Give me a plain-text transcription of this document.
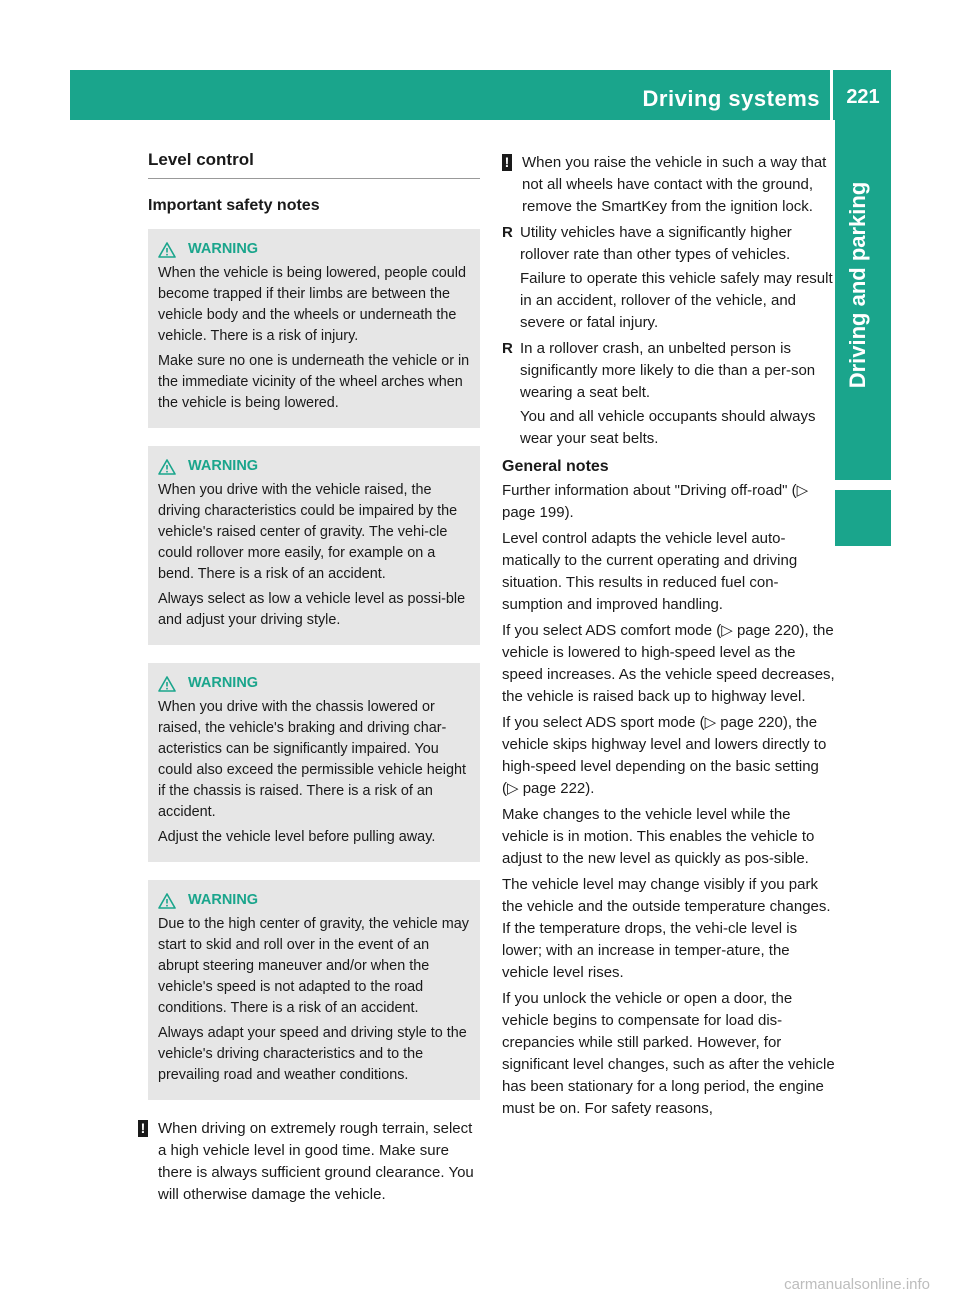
Driving systems	221
Driving and parking
Level control
Important safety notes
WARNING
When the vehicle is being lowered, people could become trapped if their limbs are between the vehicle body and the wheels or underneath the vehicle. There is a risk of injury.
Make sure no one is underneath the vehicle or in the immediate vicinity of the wheel arches when the vehicle is being lowered.
WARNING
When you drive with the vehicle raised, the driving characteristics could be impaired by the vehicle's raised center of gravity. The vehi-cle could rollover more easily, for example on a bend. There is a risk of an accident.
Always select as low a vehicle level as possi-ble and adjust your driving style.
WARNING
When you drive with the chassis lowered or raised, the vehicle's braking and driving char-acteristics can be significantly impaired. You could also exceed the permissible vehicle height if the chassis is raised. There is a risk of an accident.
Adjust the vehicle level before pulling away.
WARNING
Due to the high center of gravity, the vehicle may start to skid and roll over in the event of an abrupt steering maneuver and/or when the vehicle's speed is not adapted to the road conditions. There is a risk of an accident.
Always adapt your speed and driving style to the vehicle's driving characteristics and to the prevailing road and weather conditions.
! When driving on extremely rough terrain, select a high vehicle level in good time. Make sure there is always sufficient ground clearance. You will otherwise damage the vehicle.
! When you raise the vehicle in such a way that not all wheels have contact with the ground, remove the SmartKey from the ignition lock.
R Utility vehicles have a significantly higher rollover rate than other types of vehicles.
Failure to operate this vehicle safely may result in an accident, rollover of the vehicle, and severe or fatal injury.
R In a rollover crash, an unbelted person is significantly more likely to die than a per-son wearing a seat belt.
You and all vehicle occupants should always wear your seat belts.
General notes
Further information about "Driving off-road" (▷ page 199).
Level control adapts the vehicle level auto-matically to the current operating and driving situation. This results in reduced fuel con-sumption and improved handling.
If you select ADS comfort mode (▷ page 220), the vehicle is lowered to high-speed level as the speed increases. As the vehicle speed decreases, the vehicle is raised back up to highway level.
If you select ADS sport mode (▷ page 220), the vehicle skips highway level and lowers directly to high-speed level depending on the basic setting (▷ page 222).
Make changes to the vehicle level while the vehicle is in motion. This enables the vehicle to adjust to the new level as quickly as pos-sible.
The vehicle level may change visibly if you park the vehicle and the outside temperature changes. If the temperature drops, the vehi-cle level is lower; with an increase in temper-ature, the vehicle level rises.
If you unlock the vehicle or open a door, the vehicle begins to compensate for load dis-crepancies while still parked. However, for significant level changes, such as after the vehicle has been stationary for a long period, the engine must be on. For safety reasons,
carmanualsonline.info
